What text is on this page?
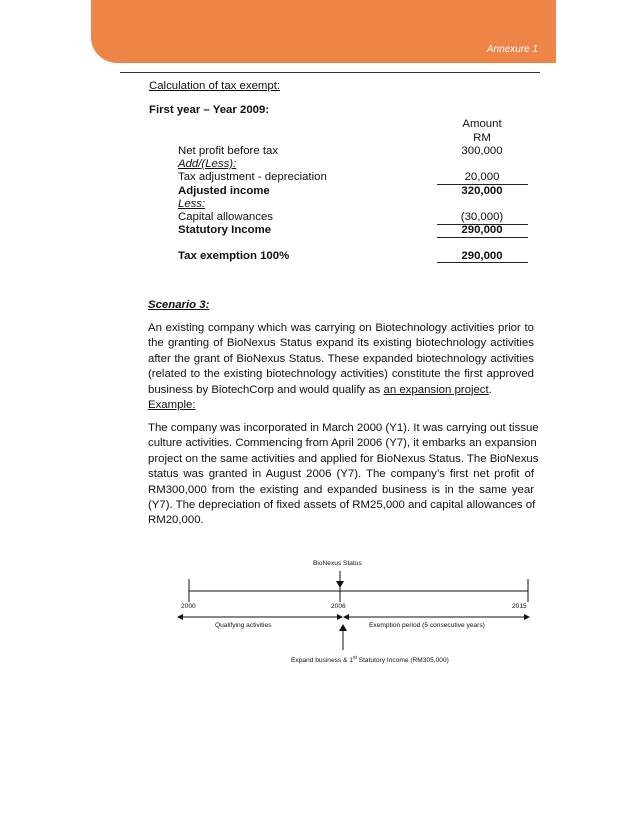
Annexure 1
Calculation of tax exempt:
First year – Year 2009:
Amount
RM
Net profit before tax	300,000
Add/(Less):
Tax adjustment - depreciation	20,000
Adjusted income	320,000
Less:
Capital allowances	(30,000)
Statutory Income	290,000
Tax exemption 100%	290,000
Scenario 3:
An existing company which was carrying on Biotechnology activities prior to
the granting of BioNexus Status expand its existing biotechnology activities
after the grant of BioNexus Status. These expanded biotechnology activities
(related to the existing biotechnology activities) constitute the first approved
business by BiotechCorp and would qualify as an expansion project.
Example:
The company was incorporated in March 2000 (Y1). It was carrying out tissue
culture activities. Commencing from April 2006 (Y7), it embarks an expansion
project on the same activities and applied for BioNexus Status. The BioNexus
status was granted in August 2006 (Y7). The company’s first net profit of
RM300,000 from the existing and expanded business is in the same year
(Y7). The depreciation of fixed assets of RM25,000 and capital allowances of
RM20,000.
BioNexus Status
2000	2006	2015
Qualifying activities	Exemption period (5 consecutive years)
Expand business & 1st Statutory Income (RM305,000)
